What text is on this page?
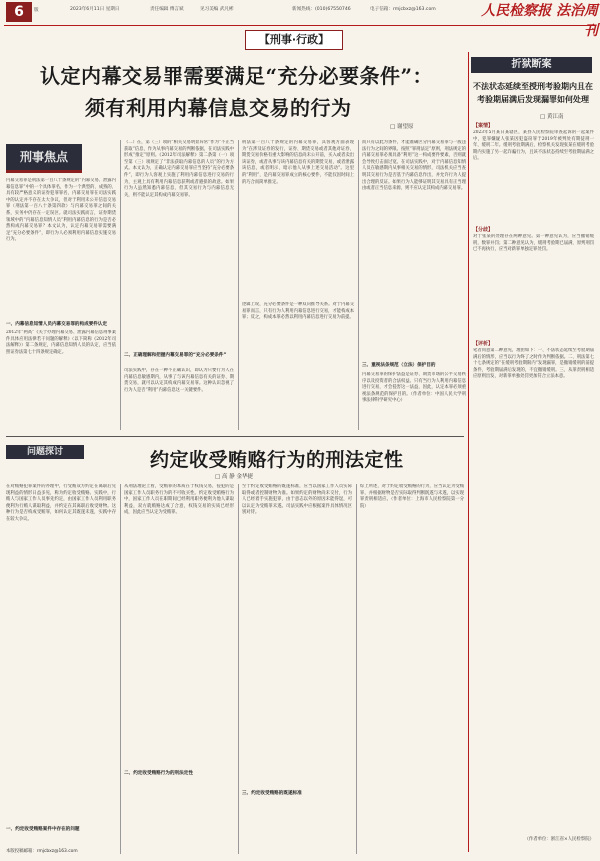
6	版	2023年6月11日 星期日	责任编辑 傅言斌	见习美编 武凡彬	新闻热线：(010)67550746	电子信箱：rmjcbxz@163.com	人民检察报 法治周刊
【刑事·行政】
认定内幕交易罪需要满足“充分必要条件”：
须有利用内幕信息交易的行为
□ 谢望原
刑事焦点
内幕交易罪是刑法第一百八十条规定的“内幕交易、泄露内幕信息罪”中的一个具体罪名，作为一个典型的、成熟的、具有较严格意义的证券犯罪罪名，内幕交易罪在司法实践中的认定并不存在太大争议，但对于利用未公开信息交易罪（刑法第一百八十条第四款）与内幕交易罪之间的关系，实务中仍存在一定误区。就司法实践而言，证券期货领域中的“内幕信息知情人员”利用内幕信息的行为是否必然构成内幕交易罪？本文认为，认定内幕交易罪需要满足“充分必要条件”，即行为人必须利用内幕信息实施交易行为。
一、内幕信息知情人员内幕交易罪的构成要件认定
2012年“两高”《关于办理内幕交易、泄露内幕信息刑事案件具体应用法律若干问题的解释》（以下简称《2012年司法解释》）第二条规定，内幕信息知情人员的认定，应当依照证券法第七十四条规定确定。
（二）在，第（三）项的“相关交易明显异常”作为“不正当获取”信息，作为从事内幕交易的判断依据，在司法实践中形成“推定”原则。《2012年司法解释》第二条第（一）项至第（三）项规定了“非法获取内幕信息的人员”的行为方式。本文认为，正确认定内幕交易罪应当坚持“充分必要条件”，即行为人客观上实施了利用内幕信息进行交易的行为，主观上具有利用内幕信息获利或者避损的故意。如果行为人虽然知悉内幕信息，但其交易行为与内幕信息无关，则不能认定其构成内幕交易罪。
二、正确理解和把握内幕交易罪的“充分必要条件”
司法实践中，存在一种不正确认识，即认为只要行为人在内幕信息敏感期内，从事了与该内幕信息有关的证券、期货交易，就可以认定其构成内幕交易罪。这种认识忽视了行为人是否“利用”内幕信息这一关键要件。
刑法第一百八十条规定的内幕交易罪，其客观方面表现为“在涉及证券的发行，证券、期货交易或者其他对证券、期货交易价格有重大影响的信息尚未公开前，买入或者卖出该证券，或者从事与该内幕信息有关的期货交易，或者泄露该信息，或者明示、暗示他人从事上述交易活动”。这里的“利用”，是内幕交易罪成立的核心要件，不能仅因时间上的巧合而简单推定。
逻辑上说，充分必要条件是一种双向推导关系。对于内幕交易罪而言，只有行为人利用内幕信息进行交易，才能构成本罪；反之，构成本罪必然以利用内幕信息进行交易为前提。
而只有以此为条件，才能准确区分内幕交易罪与一般违法行为之间的界限。按照“罪刑法定”原则，刑法规定的内幕交易罪必须具备“利用”这一构成要件要素，否则就会导致打击面过宽。在司法实践中，对于内幕信息知情人员在敏感期内从事相关交易的情形，司法机关应当查明其交易行为是否基于内幕信息作出，并允许行为人提出合理的反证。如果行为人能够证明其交易具有正当理由或者正当信息来源，则不应认定其构成内幕交易罪。
三、重视法条规范（立法）保护目的
内幕交易罪的保护法益是证券、期货市场的公平交易秩序以及投资者的合法权益。只有当行为人利用内幕信息进行交易，才会侵害这一法益，因此，认定本罪必须重视法条规范的保护目的。（作者单位：中国人民大学刑事法律科学研究中心）
折狱断案
不法状态延续至授刑考验期内且在
考验期届满后发现漏罪如何处理
□ 黄江南
【案情】
2023年5月某日某辖区，某县人民检察院审查起诉的一起案件中，犯罪嫌疑人张某因犯盗窃罪于2019年被判处有期徒刑一年，缓刑二年。缓刑考验期满后，检察机关发现张某在缓刑考验期内实施了另一起诈骗行为，且该不法状态持续至考验期届满之后。
【分歧】
对于张某的处理存在两种意见。第一种意见认为，应当撤销缓刑，数罪并罚；第二种意见认为，缓刑考验期已届满，原判刑罚已不再执行，应当对新罪单独定罪处罚。
【评析】
笔者同意第二种意见，理由如下：一、不法状态延续至考验期届满后的情形，应当以行为终了之时作为判断依据。二、刑法第七十七条规定的“在缓刑考验期限内”发现漏罪，是撤销缓刑的前提条件，考验期届满后发现的，不宜撤销缓刑。三、从罪责刑相适应原则出发，对新罪单独处罚更加符合立法本意。
（作者单位：浙江省×人民检察院）
约定收受贿赂行为的刑法定性
□ 高 静 金华捷
问题探讨
在对贿赂犯罪案件的办理中，行受贿双方约定在离职后兑现利益的情形日益多见，称为约定收受贿赂。实践中，行贿人与国家工作人员事先约定，由国家工作人员利用职务便利为行贿人谋取利益，并约定在其离职后收受财物。这种行为是否构成受贿罪，如何认定其既遂未遂，实践中存在较大争议。
一、约定收受贿赂案件中存在的问题
从刑法理论上看，受贿罪的本质在于权钱交易，侵犯的是国家工作人员职务行为的不可收买性。约定收受贿赂行为中，国家工作人员在职期间已经利用职务便利为他人谋取利益，双方就贿赂达成了合意，权钱交易的实质已经形成，因此应当认定为受贿罪。
二、约定收受贿赂行为的刑法定性
至于约定收受贿赂的既遂标准，应当以国家工作人员实际取得或者控制财物为准。如果约定的财物尚未交付，行为人已经着手实施犯罪，由于意志以外的原因未能得逞，可以认定为受贿罪未遂。司法实践中应根据案件具体情况区别对待。
三、约定收受贿赂的既遂标准
综上所述，对于约定收受贿赂的行为，应当认定为受贿罪，并根据财物是否实际取得判断既遂与未遂，以实现罪责刑相适应。（作者单位：上海市人民检察院第一分院）
本版投稿邮箱：rmjcbxz@163.com
